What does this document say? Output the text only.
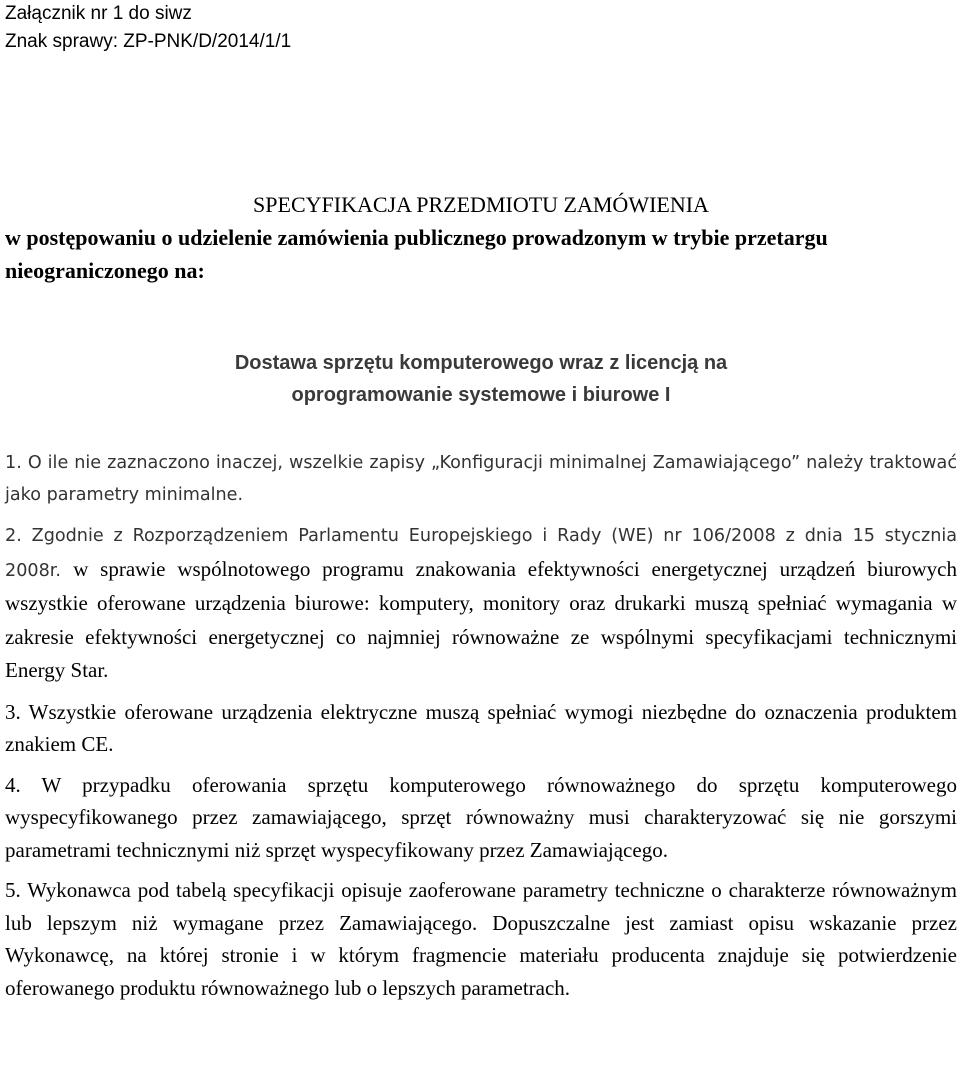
Załącznik nr 1 do siwz
Znak sprawy: ZP-PNK/D/2014/1/1
SPECYFIKACJA PRZEDMIOTU ZAMÓWIENIA
w postępowaniu o udzielenie zamówienia publicznego prowadzonym w trybie przetargu nieograniczonego na:
Dostawa sprzętu komputerowego wraz z licencją na
oprogramowanie systemowe i biurowe I
1. O ile nie zaznaczono inaczej, wszelkie zapisy „Konfiguracji minimalnej Zamawiającego” należy traktować jako parametry minimalne.
2. Zgodnie z Rozporządzeniem Parlamentu Europejskiego i Rady (WE) nr 106/2008 z dnia 15 stycznia 2008r. w sprawie wspólnotowego programu znakowania efektywności energetycznej urządzeń biurowych wszystkie oferowane urządzenia biurowe: komputery, monitory oraz drukarki muszą spełniać wymagania w zakresie efektywności energetycznej co najmniej równoważne ze wspólnymi specyfikacjami technicznymi Energy Star.
3. Wszystkie oferowane urządzenia elektryczne muszą spełniać wymogi niezbędne do oznaczenia produktem znakiem CE.
4. W przypadku oferowania sprzętu komputerowego równoważnego do sprzętu komputerowego wyspecyfikowanego przez zamawiającego, sprzęt równoważny musi charakteryzować się nie gorszymi parametrami technicznymi niż sprzęt wyspecyfikowany przez Zamawiającego.
5. Wykonawca pod tabelą specyfikacji opisuje zaoferowane parametry techniczne o charakterze równoważnym lub lepszym niż wymagane przez Zamawiającego. Dopuszczalne jest zamiast opisu wskazanie przez Wykonawcę, na której stronie i w którym fragmencie materiału producenta znajduje się potwierdzenie oferowanego produktu równoważnego lub o lepszych parametrach.
